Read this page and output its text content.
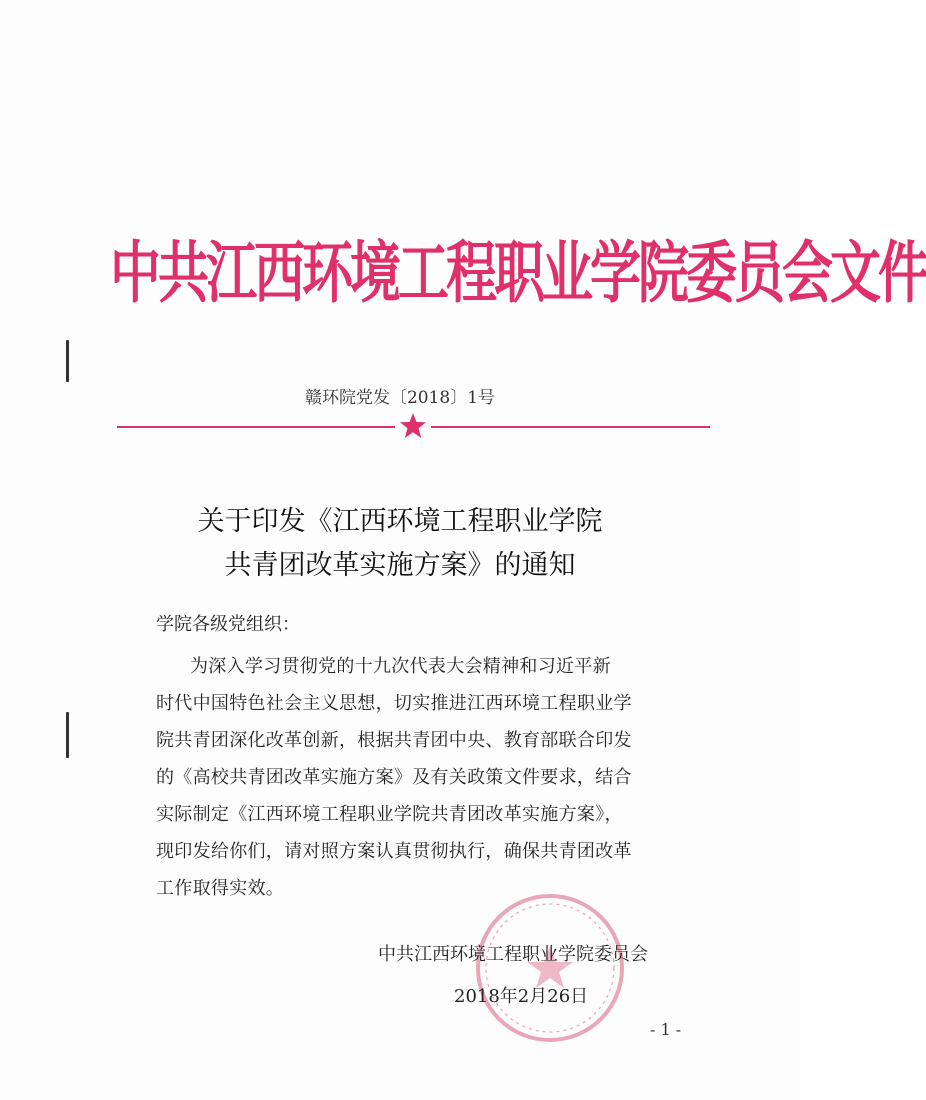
中共江西环境工程职业学院委员会文件
赣环院党发〔2018〕1号
关于印发《江西环境工程职业学院
共青团改革实施方案》的通知
学院各级党组织：
为深入学习贯彻党的十九次代表大会精神和习近平新
时代中国特色社会主义思想，切实推进江西环境工程职业学
院共青团深化改革创新，根据共青团中央、教育部联合印发
的《高校共青团改革实施方案》及有关政策文件要求，结合
实际制定《江西环境工程职业学院共青团改革实施方案》，
现印发给你们，请对照方案认真贯彻执行，确保共青团改革
工作取得实效。
中共江西环境工程职业学院委员会
2018年2月26日
- 1 -
